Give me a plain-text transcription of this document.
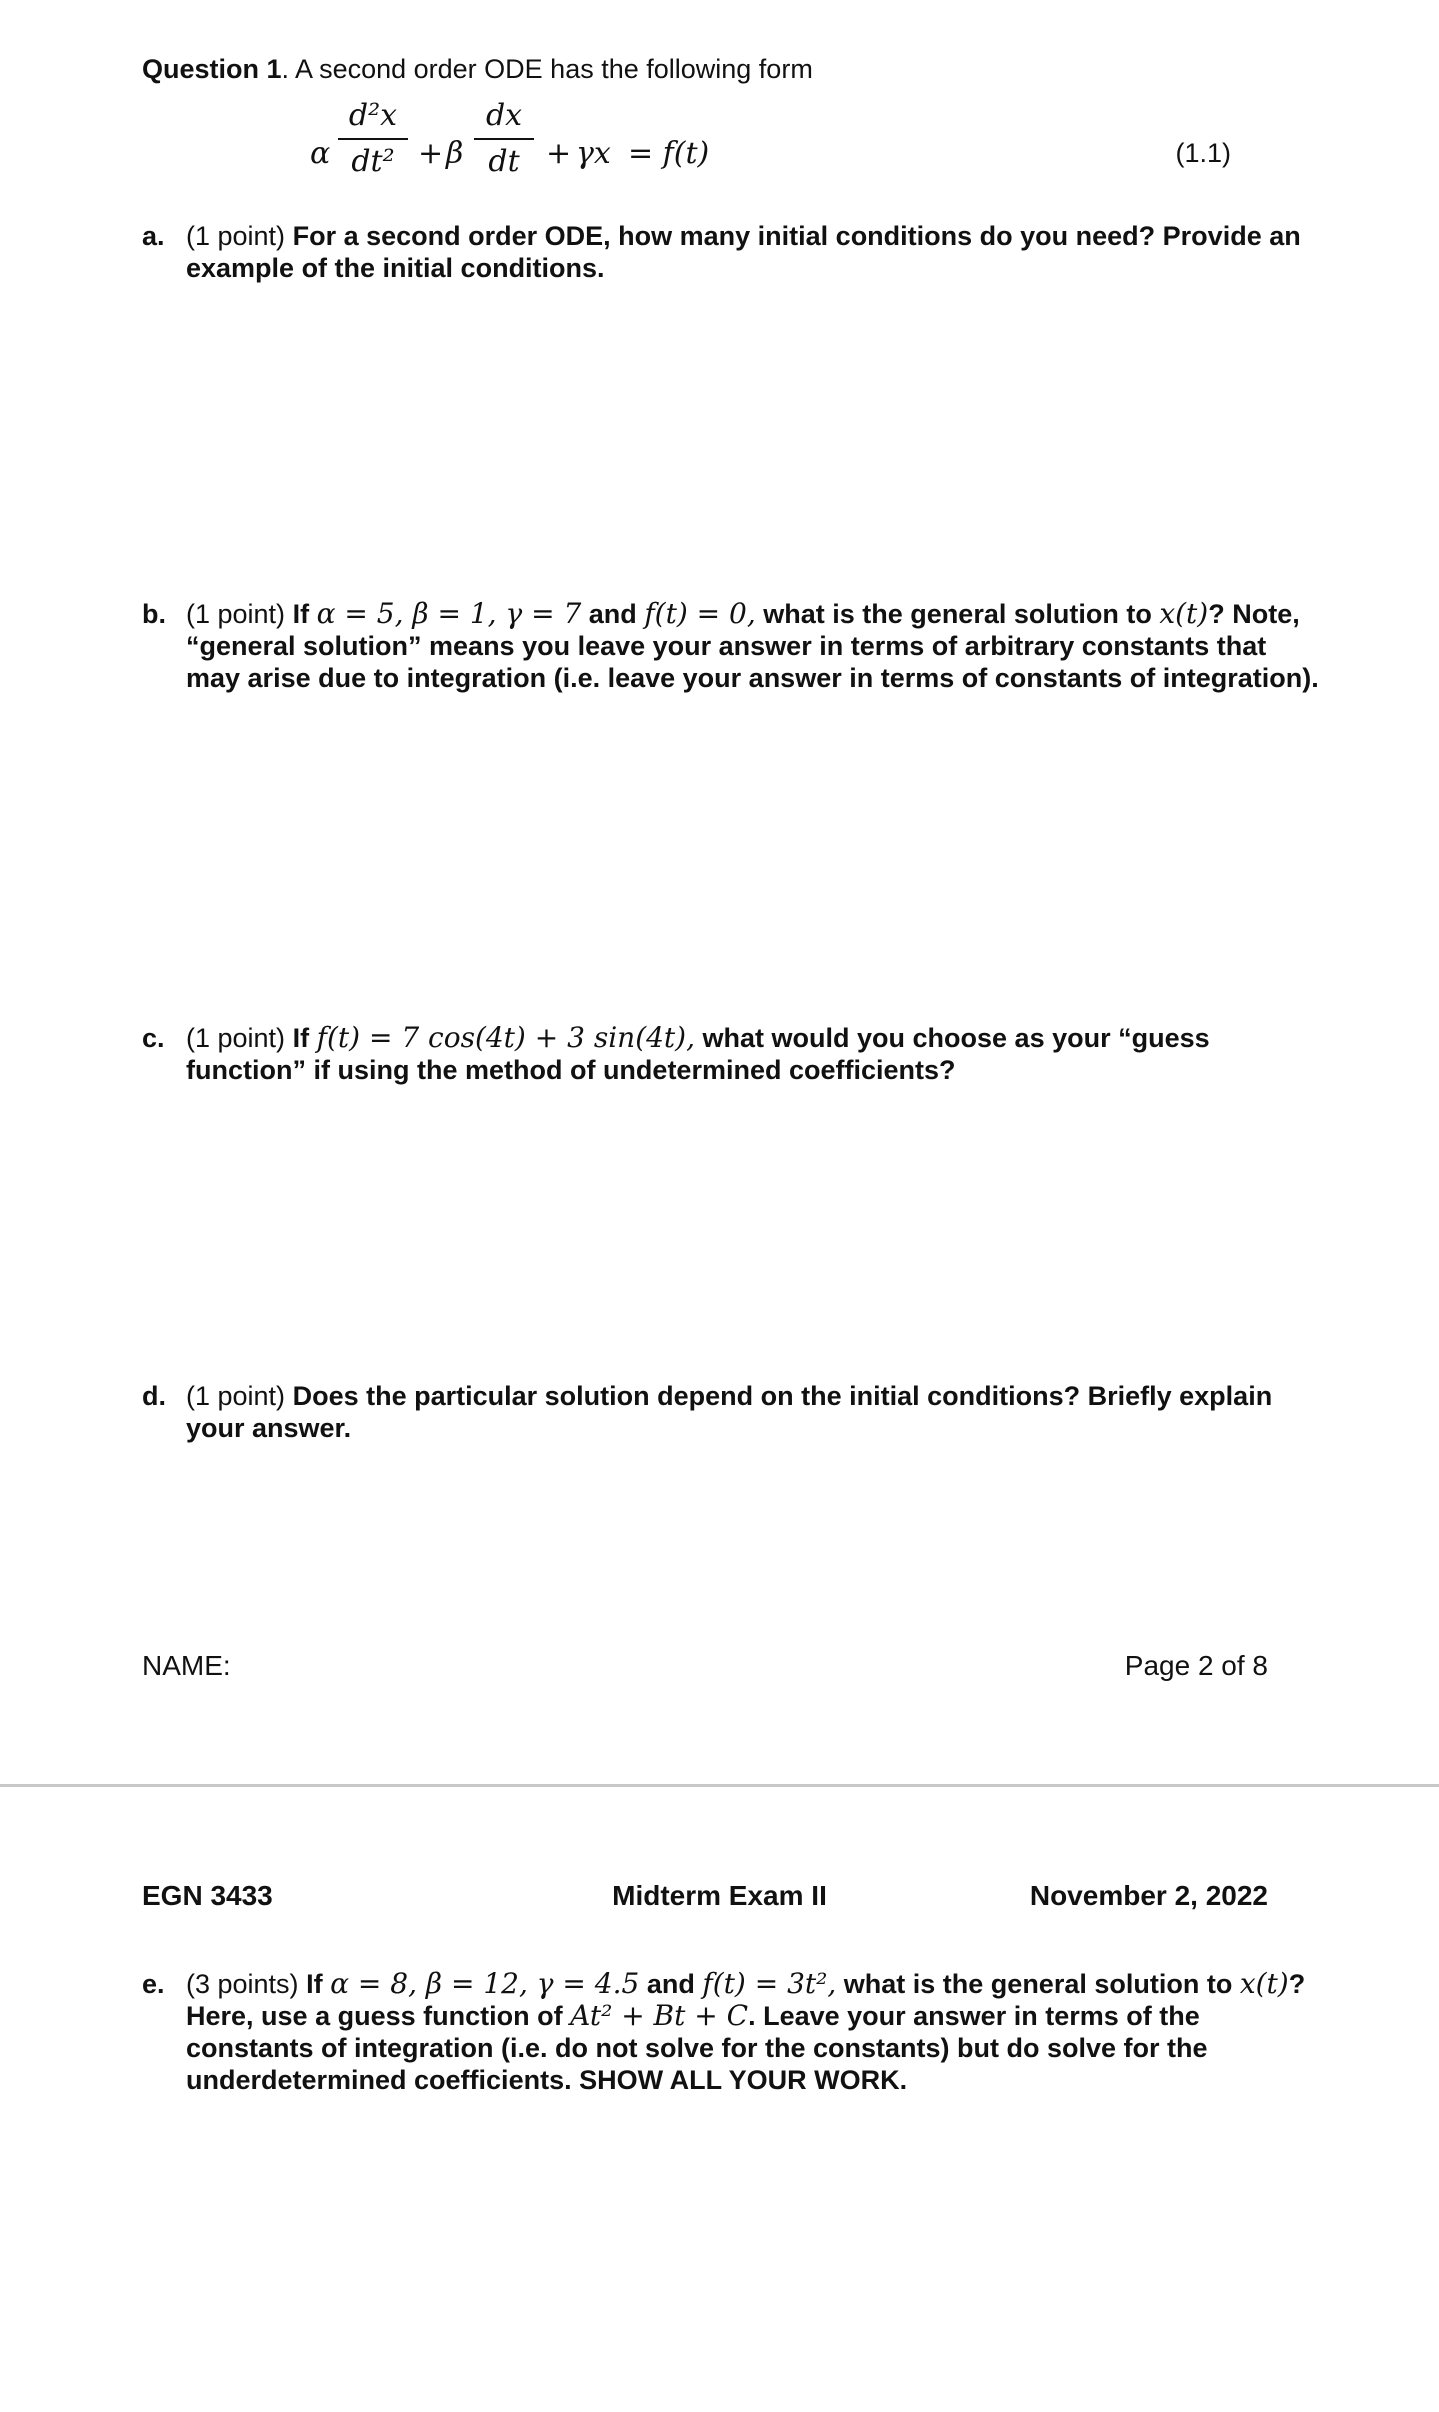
Question 1. A second order ODE has the following form
α
d²x
dt² + β
dx
dt + γx = f(t)	(1.1)
a. (1 point) For a second order ODE, how many initial conditions do you need? Provide an example of the initial conditions.
b. (1 point) If α = 5, β = 1, γ = 7 and f(t) = 0, what is the general solution to x(t)? Note, “general solution” means you leave your answer in terms of arbitrary constants that may arise due to integration (i.e. leave your answer in terms of constants of integration).
c. (1 point) If f(t) = 7 cos(4t) + 3 sin(4t), what would you choose as your “guess function” if using the method of undetermined coefficients?
d. (1 point) Does the particular solution depend on the initial conditions? Briefly explain your answer.
NAME:	Page 2 of 8
EGN 3433	Midterm Exam II	November 2, 2022
e. (3 points) If α = 8, β = 12, γ = 4.5 and f(t) = 3t², what is the general solution to x(t)? Here, use a guess function of At² + Bt + C. Leave your answer in terms of the constants of integration (i.e. do not solve for the constants) but do solve for the underdetermined coefficients. SHOW ALL YOUR WORK.
